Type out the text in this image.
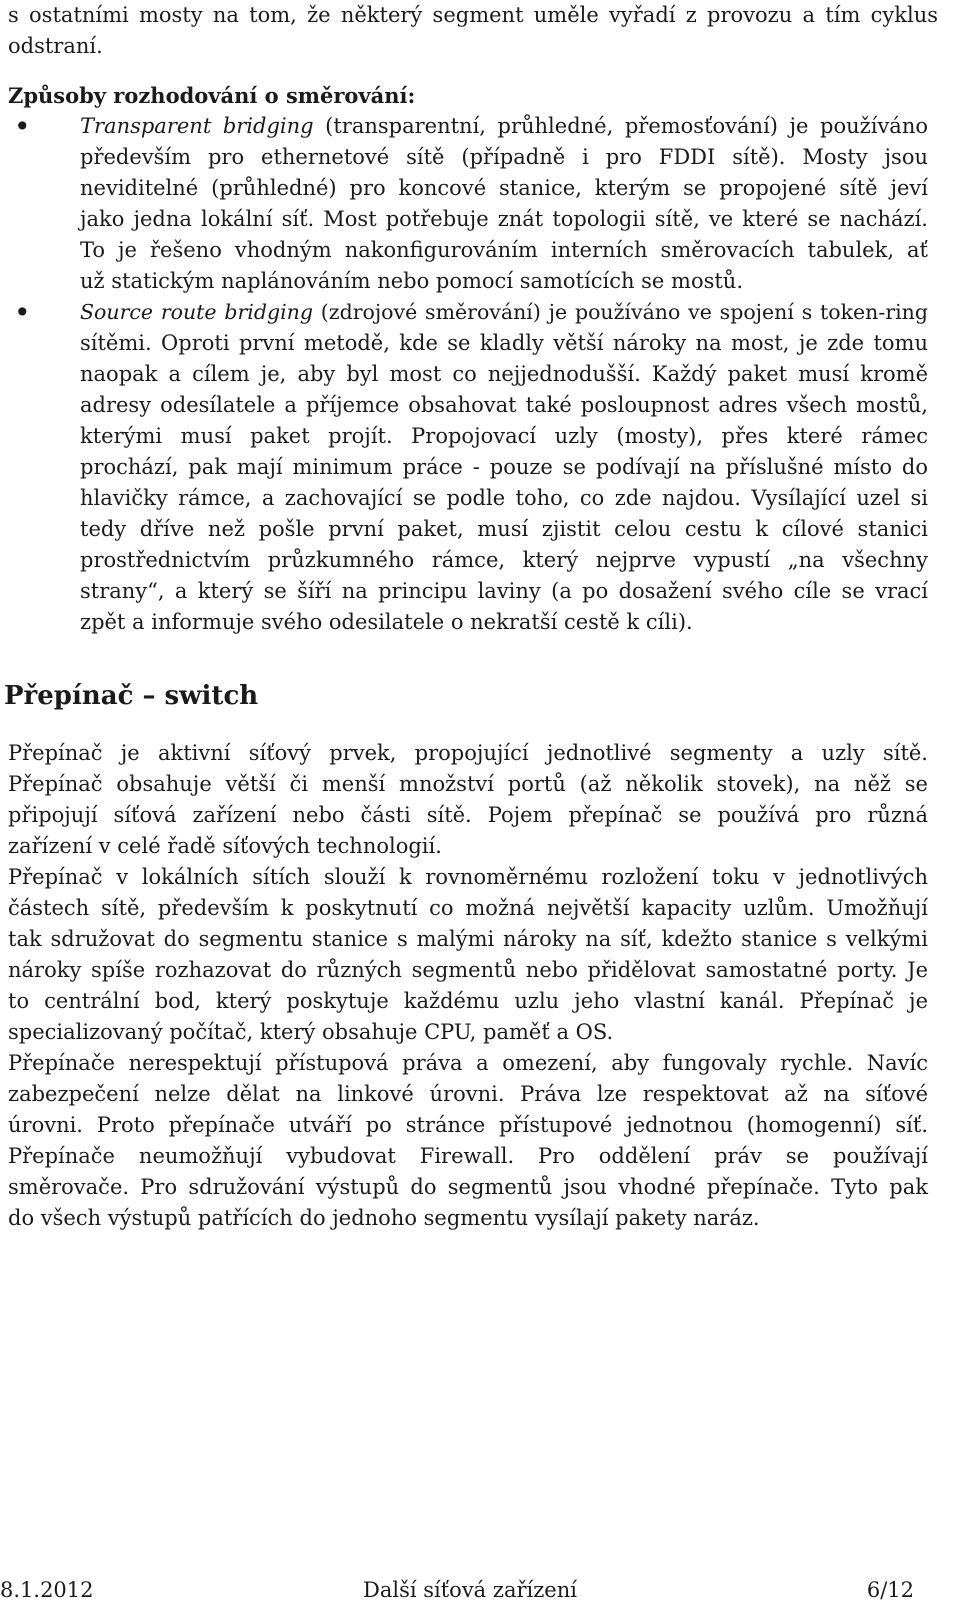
s ostatními mosty na tom, že některý segment uměle vyřadí z provozu a tím cyklus
odstraní.
Způsoby rozhodování o směrování:
• Transparent bridging (transparentní, průhledné, přemosťování) je používáno
především pro ethernetové sítě (případně i pro FDDI sítě). Mosty jsou
neviditelné (průhledné) pro koncové stanice, kterým se propojené sítě jeví
jako jedna lokální síť. Most potřebuje znát topologii sítě, ve které se nachází.
To je řešeno vhodným nakonfigurováním interních směrovacích tabulek, ať
už statickým naplánováním nebo pomocí samotících se mostů.
• Source route bridging (zdrojové směrování) je používáno ve spojení s token-ring
sítěmi. Oproti první metodě, kde se kladly větší nároky na most, je zde tomu
naopak a cílem je, aby byl most co nejjednodušší. Každý paket musí kromě
adresy odesílatele a příjemce obsahovat také posloupnost adres všech mostů,
kterými musí paket projít. Propojovací uzly (mosty), přes které rámec
prochází, pak mají minimum práce - pouze se podívají na příslušné místo do
hlavičky rámce, a zachovající se podle toho, co zde najdou. Vysílající uzel si
tedy dříve než pošle první paket, musí zjistit celou cestu k cílové stanici
prostřednictvím průzkumného rámce, který nejprve vypustí „na všechny
strany“, a který se šíří na principu laviny (a po dosažení svého cíle se vrací
zpět a informuje svého odesilatele o nekratší cestě k cíli).
Přepínač – switch
Přepínač je aktivní síťový prvek, propojující jednotlivé segmenty a uzly sítě.
Přepínač obsahuje větší či menší množství portů (až několik stovek), na něž se
připojují síťová zařízení nebo části sítě. Pojem přepínač se používá pro různá
zařízení v celé řadě síťových technologií.
Přepínač v lokálních sítích slouží k rovnoměrnému rozložení toku v jednotlivých
částech sítě, především k poskytnutí co možná největší kapacity uzlům. Umožňují
tak sdružovat do segmentu stanice s malými nároky na síť, kdežto stanice s velkými
nároky spíše rozhazovat do různých segmentů nebo přidělovat samostatné porty. Je
to centrální bod, který poskytuje každému uzlu jeho vlastní kanál. Přepínač je
specializovaný počítač, který obsahuje CPU, paměť a OS.
Přepínače nerespektují přístupová práva a omezení, aby fungovaly rychle. Navíc
zabezpečení nelze dělat na linkové úrovni. Práva lze respektovat až na síťové
úrovni. Proto přepínače utváří po stránce přístupové jednotnou (homogenní) síť.
Přepínače neumožňují vybudovat Firewall. Pro oddělení práv se používají
směrovače. Pro sdružování výstupů do segmentů jsou vhodné přepínače. Tyto pak
do všech výstupů patřících do jednoho segmentu vysílají pakety naráz.
8.1.2012	Další síťová zařízení	6/12
